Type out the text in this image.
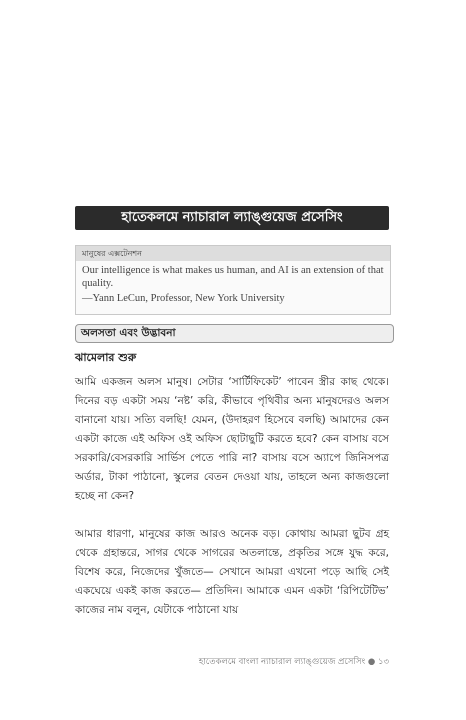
হাতেকলমে ন্যাচারাল ল্যাঙ্গুয়েজ প্রসেসিং
মানুষের এক্সটেনশন
Our intelligence is what makes us human, and AI is an extension of that quality.
—Yann LeCun, Professor, New York University
অলসতা এবং উদ্ভাবনা
ঝামেলার শুরু

আমি একজন অলস মানুষ। সেটার ‘সার্টিফিকেট’ পাবেন স্ত্রীর কাছ থেকে। দিনের বড় একটা সময় ‘নষ্ট’ করি, কীভাবে পৃথিবীর অন্য মানুষদেরও অলস বানানো যায়। সত্যি বলছি! যেমন, (উদাহরণ হিসেবে বলছি) আমাদের কেন একটা কাজে এই অফিস ওই অফিস ছোটাছুটি করতে হবে? কেন বাসায় বসে সরকারি/বেসরকারি সার্ভিস পেতে পারি না? বাসায় বসে অ্যাপে জিনিসপত্র অর্ডার, টাকা পাঠানো, স্কুলের বেতন দেওয়া যায়, তাহলে অন্য কাজগুলো হচ্ছে না কেন?

আমার ধারণা, মানুষের কাজ আরও অনেক বড়। কোথায় আমরা ছুটব গ্রহ থেকে গ্রহান্তরে, সাগর থেকে সাগরের অতলান্তে, প্রকৃতির সঙ্গে যুদ্ধ করে, বিশেষ করে, নিজেদের খুঁজতে— সেখানে আমরা এখনো পড়ে আছি সেই একঘেয়ে একই কাজ করতে— প্রতিদিন। আমাকে এমন একটা ‘রিপিটেটিভ’ কাজের নাম বলুন, যেটাকে পাঠানো যায়

হাতেকলমে বাংলা ন্যাচারাল ল্যাঙ্গুয়েজ প্রসেসিং ● ১৩
